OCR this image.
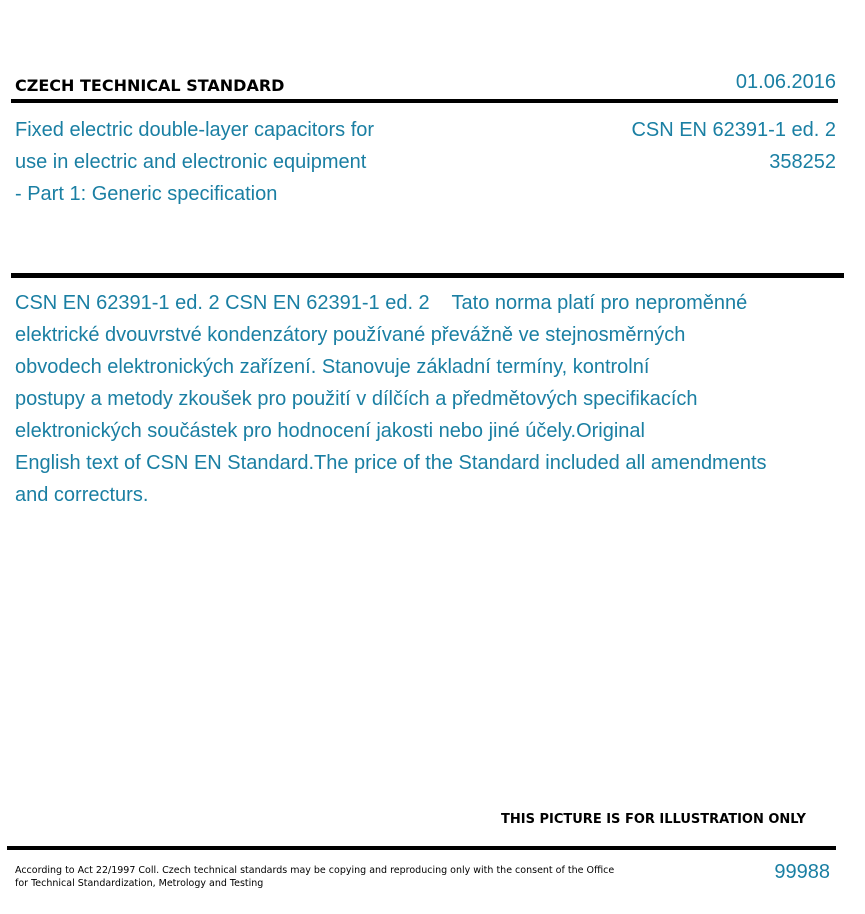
CZECH TECHNICAL STANDARD	01.06.2016
Fixed electric double-layer capacitors for
use in electric and electronic equipment
- Part 1: Generic specification
CSN EN 62391-1 ed. 2
358252
CSN EN 62391-1 ed. 2 CSN EN 62391-1 ed. 2    Tato norma platí pro neproměnné
elektrické dvouvrstvé kondenzátory používané převážně ve stejnosměrných
obvodech elektronických zařízení. Stanovuje základní termíny, kontrolní
postupy a metody zkoušek pro použití v dílčích a předmětových specifikacích
elektronických součástek pro hodnocení jakosti nebo jiné účely.Original
English text of CSN EN Standard.The price of the Standard included all amendments
and correcturs.
THIS PICTURE IS FOR ILLUSTRATION ONLY
According to Act 22/1997 Coll. Czech technical standards may be copying and reproducing only with the consent of the Office
for Technical Standardization, Metrology and Testing
99988
